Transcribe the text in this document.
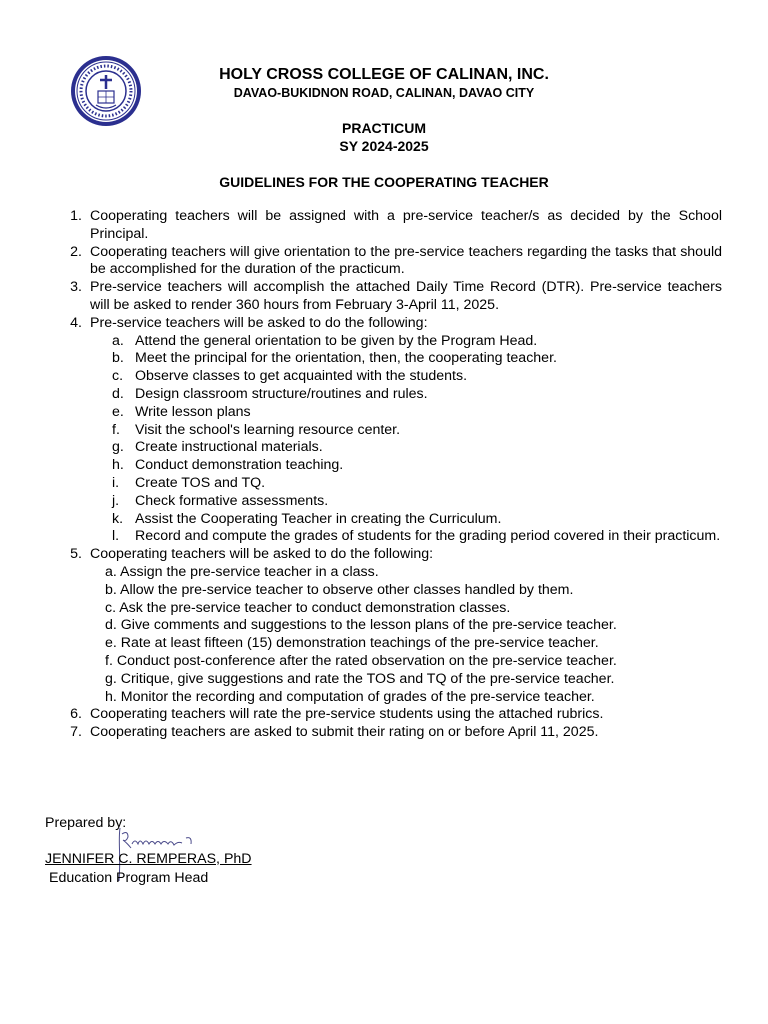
HOLY CROSS COLLEGE OF CALINAN, INC.
DAVAO-BUKIDNON ROAD, CALINAN, DAVAO CITY
PRACTICUM
SY 2024-2025
GUIDELINES FOR THE COOPERATING TEACHER
1. Cooperating teachers will be assigned with a pre-service teacher/s as decided by the School Principal.
2. Cooperating teachers will give orientation to the pre-service teachers regarding the tasks that should be accomplished for the duration of the practicum.
3. Pre-service teachers will accomplish the attached Daily Time Record (DTR). Pre-service teachers will be asked to render 360 hours from February 3-April 11, 2025.
4. Pre-service teachers will be asked to do the following:
a. Attend the general orientation to be given by the Program Head.
b. Meet the principal for the orientation, then, the cooperating teacher.
c. Observe classes to get acquainted with the students.
d. Design classroom structure/routines and rules.
e. Write lesson plans
f.	Visit the school's learning resource center.
g. Create instructional materials.
h. Conduct demonstration teaching.
i.	Create TOS and TQ.
j.	Check formative assessments.
k. Assist the Cooperating Teacher in creating the Curriculum.
l.	Record and compute the grades of students for the grading period covered in their practicum.
5. Cooperating teachers will be asked to do the following:
a. Assign the pre-service teacher in a class.
b. Allow the pre-service teacher to observe other classes handled by them.
c. Ask the pre-service teacher to conduct demonstration classes.
d. Give comments and suggestions to the lesson plans of the pre-service teacher.
e. Rate at least fifteen (15) demonstration teachings of the pre-service teacher.
f. Conduct post-conference after the rated observation on the pre-service teacher.
g. Critique, give suggestions and rate the TOS and TQ of the pre-service teacher.
h. Monitor the recording and computation of grades of the pre-service teacher.
6. Cooperating teachers will rate the pre-service students using the attached rubrics.
7. Cooperating teachers are asked to submit their rating on or before April 11, 2025.
Prepared by:
JENNIFER C. REMPERAS, PhD
Education Program Head
